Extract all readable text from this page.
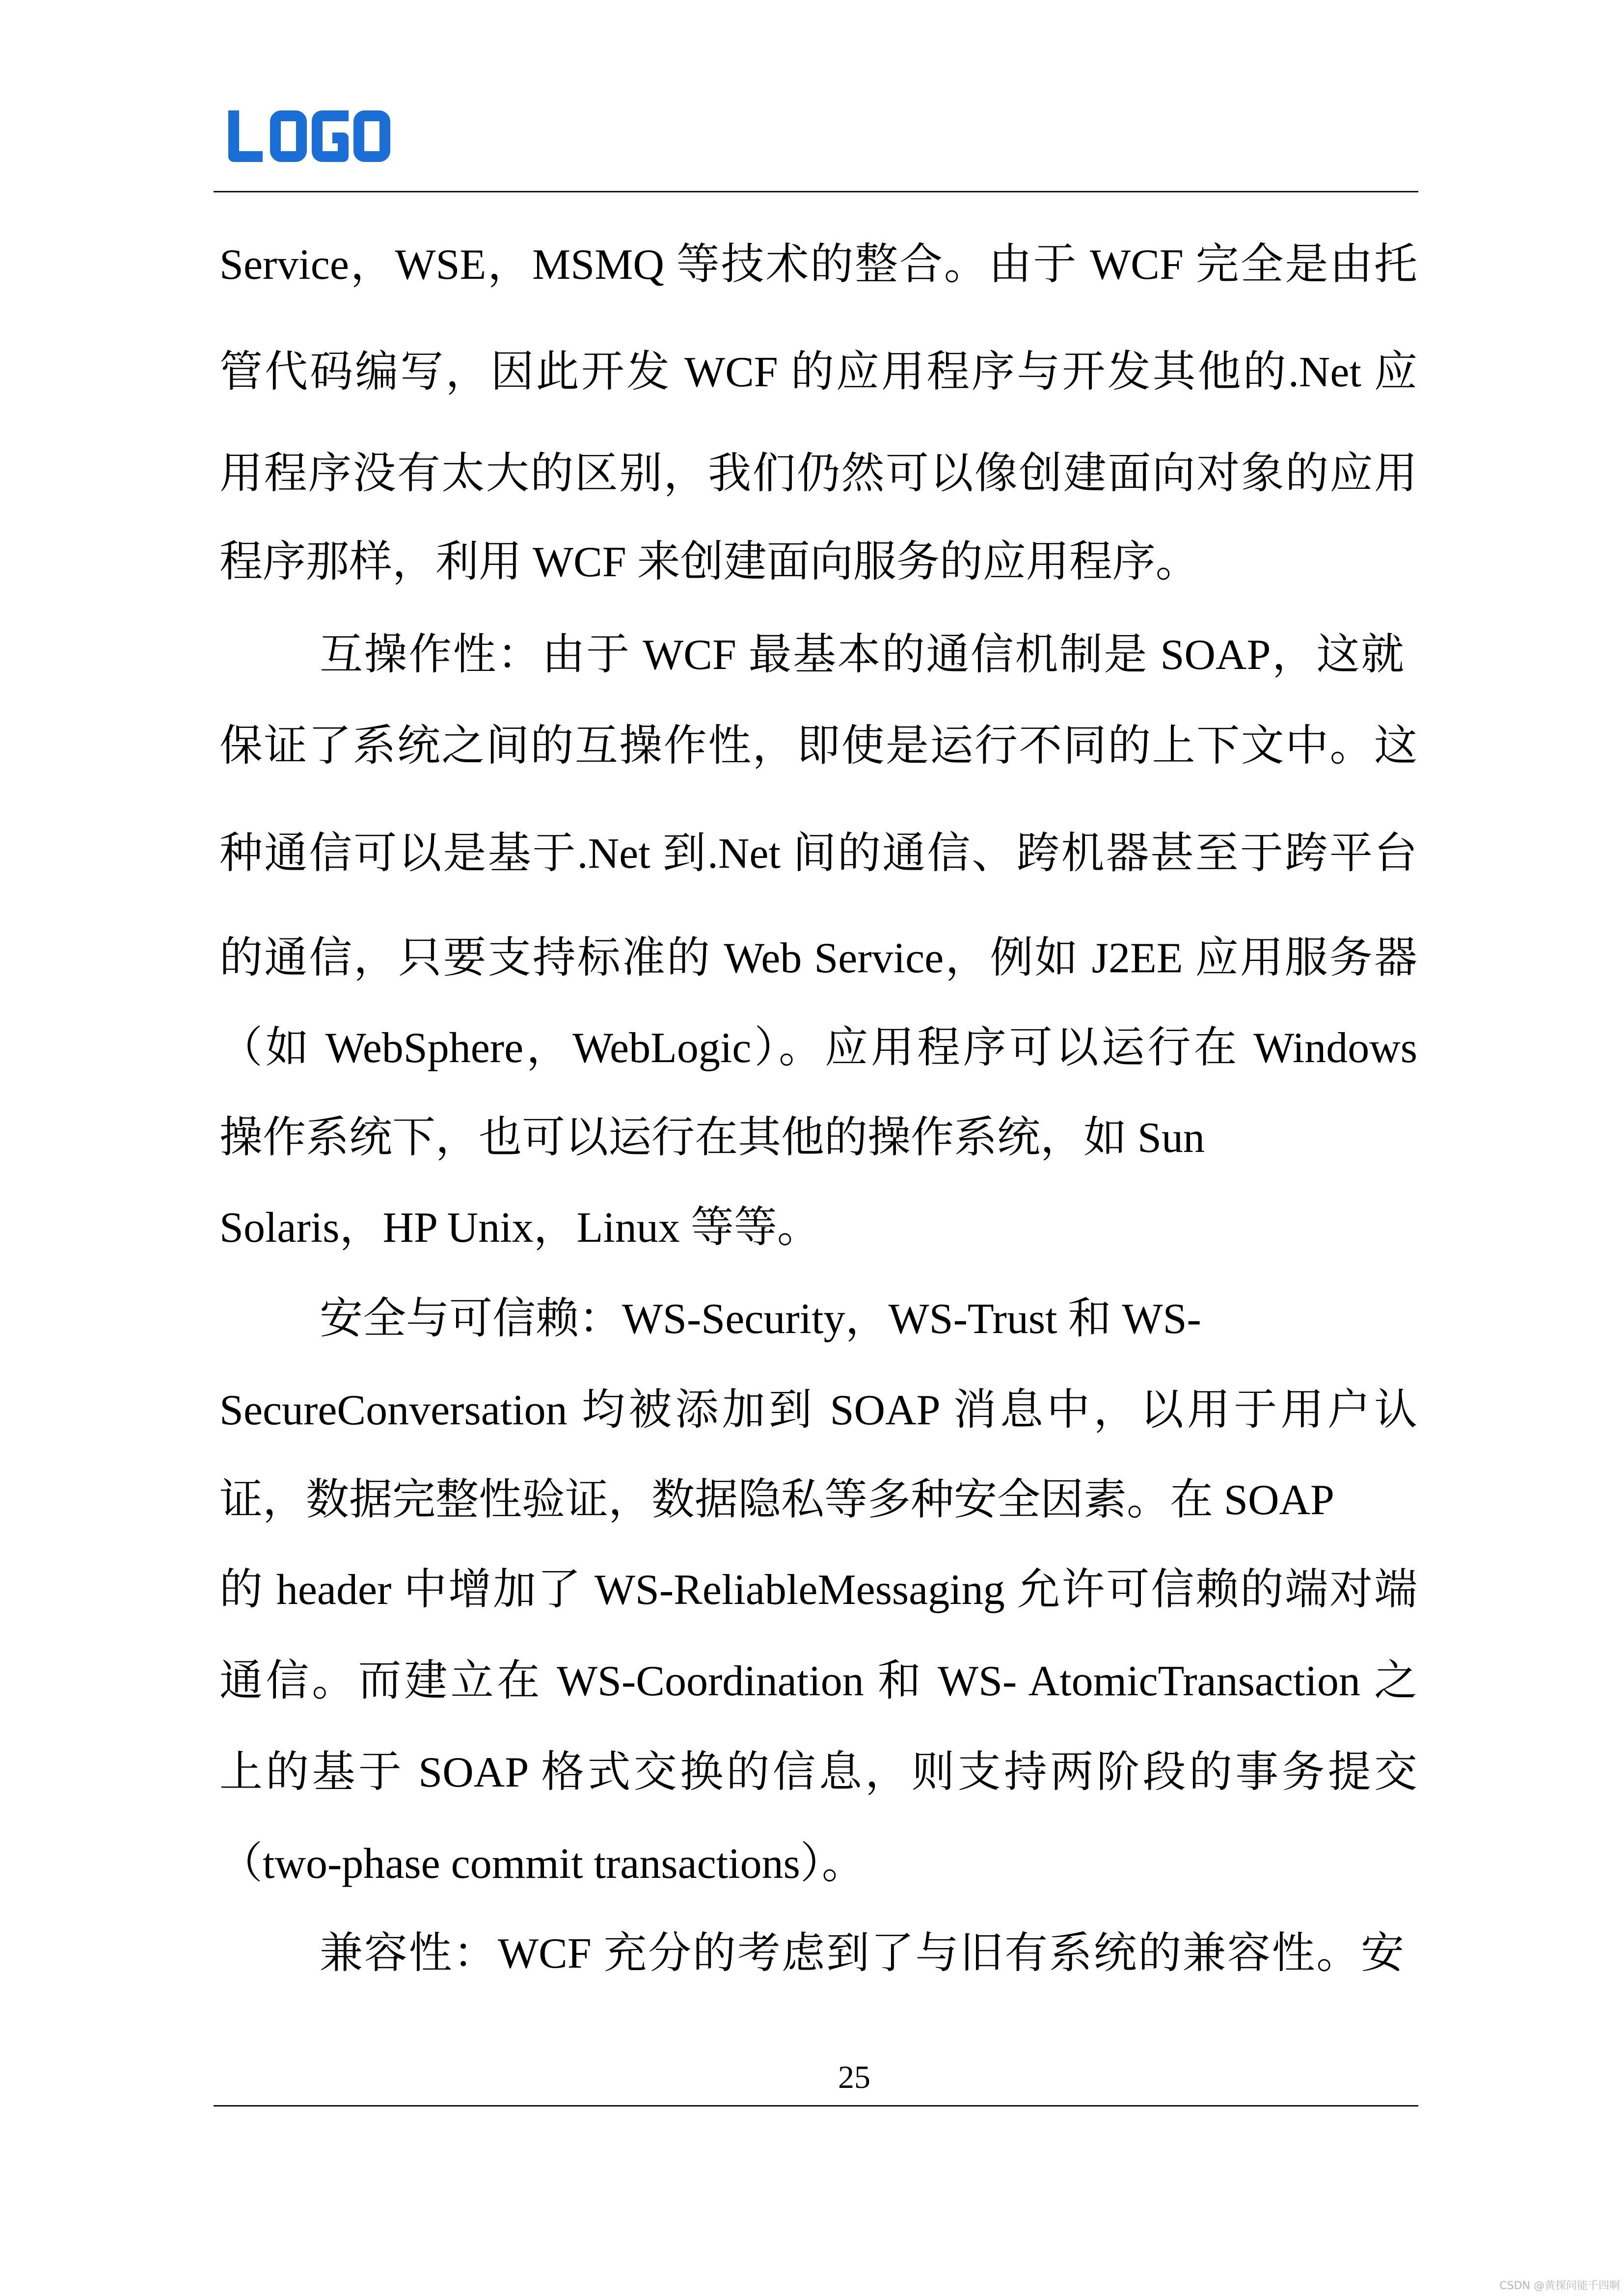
Service，WSE，MSMQ 等技术的整合。由于 WCF 完全是由托
管代码编写，因此开发 WCF 的应用程序与开发其他的.Net 应
用程序没有太大的区别，我们仍然可以像创建面向对象的应用
程序那样，利用 WCF 来创建面向服务的应用程序。
互操作性：由于 WCF 最基本的通信机制是 SOAP，这就
保证了系统之间的互操作性，即使是运行不同的上下文中。这
种通信可以是基于.Net 到.Net 间的通信、跨机器甚至于跨平台
的通信，只要支持标准的 Web Service，例如 J2EE 应用服务器
（如 WebSphere，WebLogic）。应用程序可以运行在 Windows
操作系统下，也可以运行在其他的操作系统，如 Sun
Solaris，HP Unix，Linux 等等。
安全与可信赖：WS-Security，WS-Trust 和 WS-
SecureConversation 均被添加到 SOAP 消息中，以用于用户认
证，数据完整性验证，数据隐私等多种安全因素。在 SOAP
的 header 中增加了 WS-ReliableMessaging 允许可信赖的端对端
通信。而建立在 WS-Coordination 和 WS- AtomicTransaction 之
上的基于 SOAP 格式交换的信息，则支持两阶段的事务提交
（two-phase commit transactions）。
兼容性：WCF 充分的考虑到了与旧有系统的兼容性。安
25
CSDN @黄探问能千四啊
